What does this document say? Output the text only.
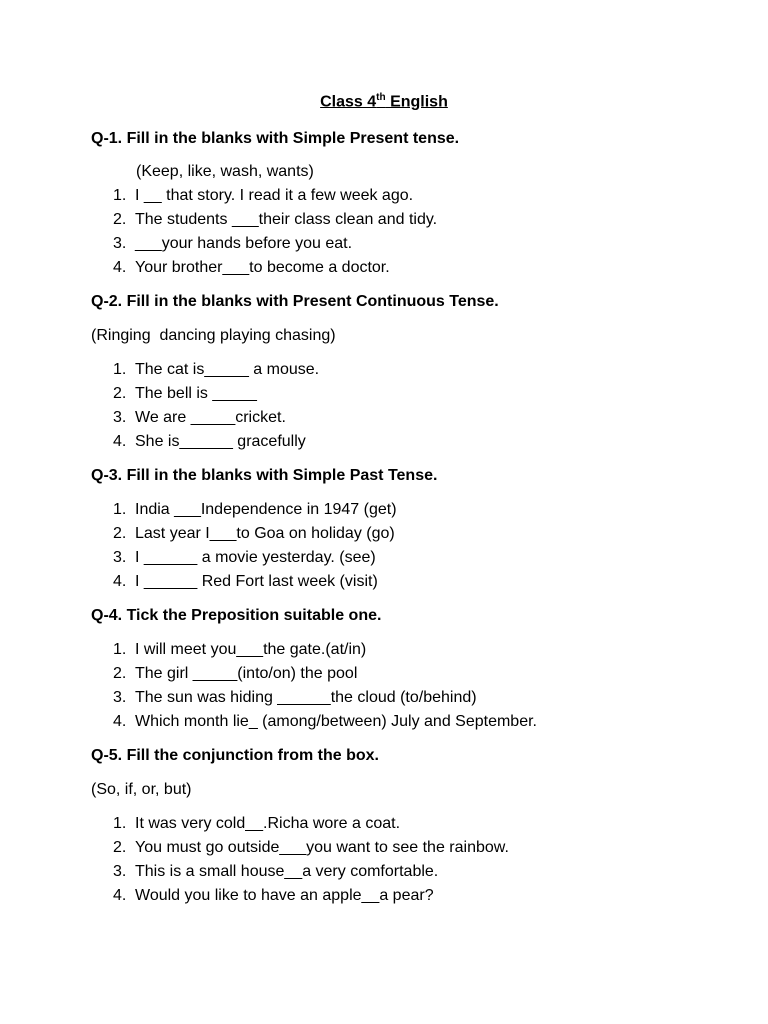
Class 4th English
Q-1. Fill in the blanks with Simple Present tense.
(Keep, like, wash, wants)
1. I __ that story. I read it a few week ago.
2. The students ___their class clean and tidy.
3. ___your hands before you eat.
4. Your brother___to become a doctor.
Q-2. Fill in the blanks with Present Continuous Tense.
(Ringing  dancing playing chasing)
1. The cat is_____ a mouse.
2. The bell is _____
3. We are _____cricket.
4. She is______ gracefully
Q-3. Fill in the blanks with Simple Past Tense.
1. India ___Independence in 1947 (get)
2. Last year I___to Goa on holiday (go)
3. I ______ a movie yesterday. (see)
4. I ______ Red Fort last week (visit)
Q-4. Tick the Preposition suitable one.
1. I will meet you___the gate.(at/in)
2. The girl _____(into/on) the pool
3. The sun was hiding ______the cloud (to/behind)
4. Which month lie_ (among/between) July and September.
Q-5. Fill the conjunction from the box.
(So, if, or, but)
1. It was very cold__.Richa wore a coat.
2. You must go outside___you want to see the rainbow.
3. This is a small house__a very comfortable.
4. Would you like to have an apple__a pear?
